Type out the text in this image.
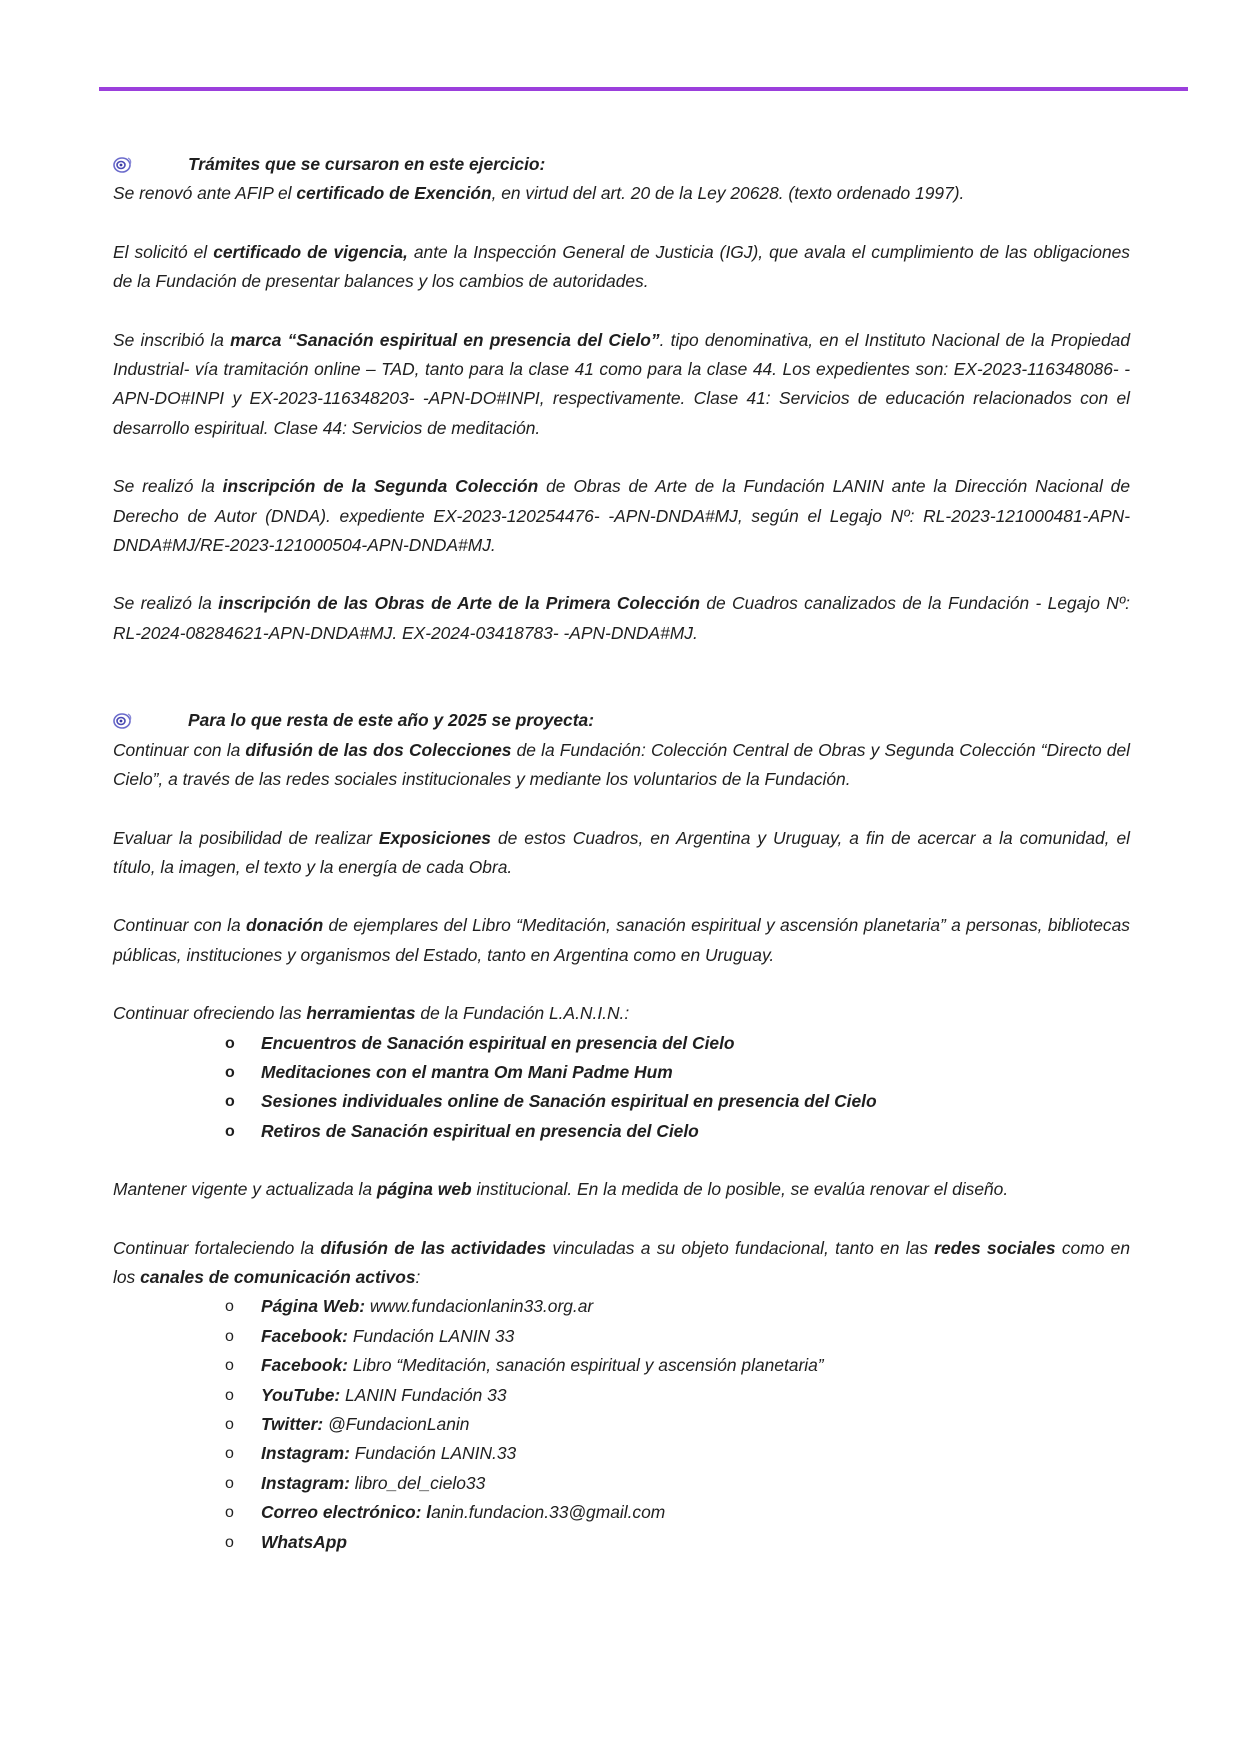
Trámites que se cursaron en este ejercicio:

Se renovó ante AFIP el certificado de Exención, en virtud del art. 20 de la Ley 20628. (texto ordenado 1997).

El solicitó el certificado de vigencia, ante la Inspección General de Justicia (IGJ), que avala el cumplimiento de las obligaciones de la Fundación de presentar balances y los cambios de autoridades.

Se inscribió la marca “Sanación espiritual en presencia del Cielo”. tipo denominativa, en el Instituto Nacional de la Propiedad Industrial- vía tramitación online – TAD, tanto para la clase 41 como para la clase 44. Los expedientes son: EX-2023-116348086- -APN-DO#INPI y EX-2023-116348203- -APN-DO#INPI, respectivamente. Clase 41: Servicios de educación relacionados con el desarrollo espiritual. Clase 44: Servicios de meditación.

Se realizó la inscripción de la Segunda Colección de Obras de Arte de la Fundación LANIN ante la Dirección Nacional de Derecho de Autor (DNDA). expediente EX-2023-120254476- -APN-DNDA#MJ, según el Legajo Nº: RL-2023-121000481-APN-DNDA#MJ/RE-2023-121000504-APN-DNDA#MJ.

Se realizó la inscripción de las Obras de Arte de la Primera Colección de Cuadros canalizados de la Fundación - Legajo Nº: RL-2024-08284621-APN-DNDA#MJ. EX-2024-03418783- -APN-DNDA#MJ.

Para lo que resta de este año y 2025 se proyecta:

Continuar con la difusión de las dos Colecciones de la Fundación: Colección Central de Obras y Segunda Colección “Directo del Cielo”, a través de las redes sociales institucionales y mediante los voluntarios de la Fundación.

Evaluar la posibilidad de realizar Exposiciones de estos Cuadros, en Argentina y Uruguay, a fin de acercar a la comunidad, el título, la imagen, el texto y la energía de cada Obra.

Continuar con la donación de ejemplares del Libro “Meditación, sanación espiritual y ascensión planetaria” a personas, bibliotecas públicas, instituciones y organismos del Estado, tanto en Argentina como en Uruguay.

Continuar ofreciendo las herramientas de la Fundación L.A.N.I.N.:

o Encuentros de Sanación espiritual en presencia del Cielo
o Meditaciones con el mantra Om Mani Padme Hum
o Sesiones individuales online de Sanación espiritual en presencia del Cielo
o Retiros de Sanación espiritual en presencia del Cielo

Mantener vigente y actualizada la página web institucional. En la medida de lo posible, se evalúa renovar el diseño.

Continuar fortaleciendo la difusión de las actividades vinculadas a su objeto fundacional, tanto en las redes sociales como en los canales de comunicación activos:

o Página Web: www.fundacionlanin33.org.ar
o Facebook: Fundación LANIN 33
o Facebook: Libro “Meditación, sanación espiritual y ascensión planetaria”
o YouTube: LANIN Fundación 33
o Twitter: @FundacionLanin
o Instagram: Fundación LANIN.33
o Instagram: libro_del_cielo33
o Correo electrónico: lanin.fundacion.33@gmail.com
o WhatsApp
